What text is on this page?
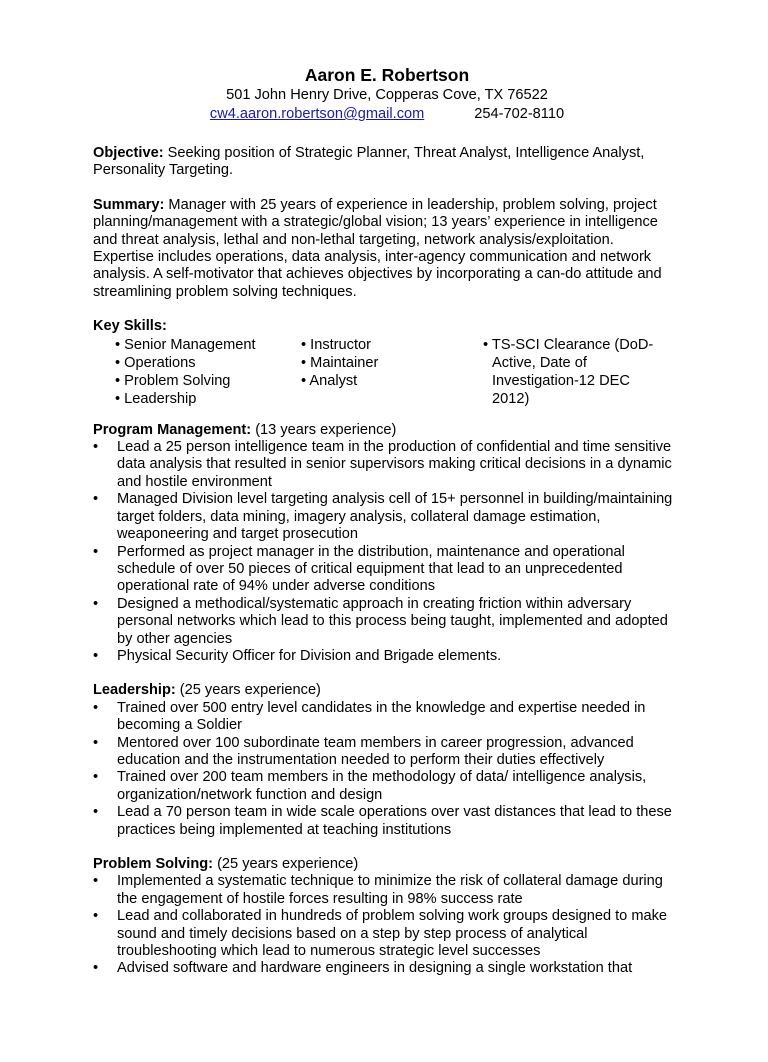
Aaron E. Robertson
501 John Henry Drive, Copperas Cove, TX 76522
cw4.aaron.robertson@gmail.com	254-702-8110

Objective: Seeking position of Strategic Planner, Threat Analyst, Intelligence Analyst, Personality Targeting.

Summary: Manager with 25 years of experience in leadership, problem solving, project planning/management with a strategic/global vision; 13 years’ experience in intelligence and threat analysis, lethal and non-lethal targeting, network analysis/exploitation. Expertise includes operations, data analysis, inter-agency communication and network analysis. A self-motivator that achieves objectives by incorporating a can-do attitude and streamlining problem solving techniques.

Key Skills:

• Senior Management
• Operations
• Problem Solving
• Leadership
• Instructor
• Maintainer
• Analyst
• TS-SCI Clearance (DoD-
Active, Date of
Investigation-12 DEC
2012)

Program Management: (13 years experience)

• Lead a 25 person intelligence team in the production of confidential and time sensitive data analysis that resulted in senior supervisors making critical decisions in a dynamic and hostile environment
• Managed Division level targeting analysis cell of 15+ personnel in building/maintaining target folders, data mining, imagery analysis, collateral damage estimation, weaponeering and target prosecution
• Performed as project manager in the distribution, maintenance and operational schedule of over 50 pieces of critical equipment that lead to an unprecedented operational rate of 94% under adverse conditions
• Designed a methodical/systematic approach in creating friction within adversary personal networks which lead to this process being taught, implemented and adopted by other agencies
• Physical Security Officer for Division and Brigade elements.

Leadership: (25 years experience)

• Trained over 500 entry level candidates in the knowledge and expertise needed in becoming a Soldier
• Mentored over 100 subordinate team members in career progression, advanced education and the instrumentation needed to perform their duties effectively
• Trained over 200 team members in the methodology of data/ intelligence analysis, organization/network function and design
• Lead a 70 person team in wide scale operations over vast distances that lead to these practices being implemented at teaching institutions

Problem Solving: (25 years experience)

• Implemented a systematic technique to minimize the risk of collateral damage during the engagement of hostile forces resulting in 98% success rate
• Lead and collaborated in hundreds of problem solving work groups designed to make sound and timely decisions based on a step by step process of analytical troubleshooting which lead to numerous strategic level successes
• Advised software and hardware engineers in designing a single workstation that
